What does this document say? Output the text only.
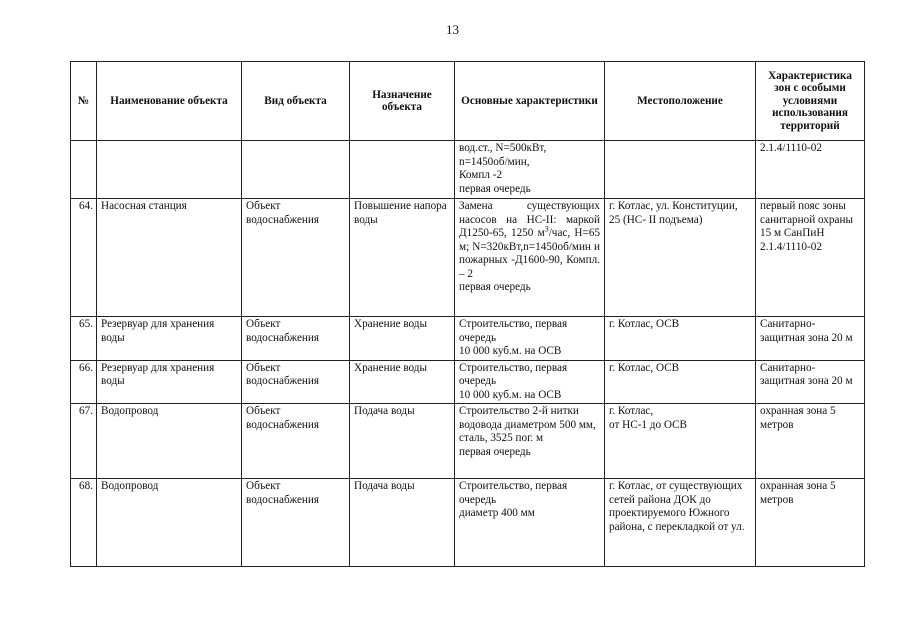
13
№	Наименование объекта	Вид объекта	Назначение объекта	Основные характеристики	Местоположение	Характеристика зон с особыми условиями использования территорий

				вод.ст., N=500кВт,
n=1450об/мин,
Компл -2
первая очередь		2.1.4/1110-02
64.	Насосная станция	Объект водоснабжения	Повышение напора воды	Замена существующих насосов на НС-II: маркой Д1250-65, 1250 $м^3$/час, H=65 м; N=320кВт,n=1450об/мин и пожарных -Д1600-90, Компл. – 2
первая очередь	г. Котлас, ул. Конституции, 25 (НС- II подъема)	первый пояс зоны санитарной охраны 15 м СанПиН 2.1.4/1110-02
65.	Резервуар для хранения воды	Объект водоснабжения	Хранение воды	Строительство, первая очередь
10 000 куб.м. на ОСВ	г. Котлас, ОСВ	Санитарно-защитная зона 20 м
66.	Резервуар для хранения воды	Объект водоснабжения	Хранение воды	Строительство, первая очередь
10 000 куб.м. на ОСВ	г. Котлас, ОСВ	Санитарно-защитная зона 20 м
67.	Водопровод	Объект водоснабжения	Подача воды	Строительство 2-й нитки водовода диаметром 500 мм, сталь, 3525 пог. м
первая очередь	г. Котлас,
от НС-1 до ОСВ	охранная зона 5 метров
68.	Водопровод	Объект водоснабжения	Подача воды	Строительство, первая очередь
диаметр 400 мм	г. Котлас, от существующих сетей района ДОК до проектируемого Южного района, с перекладкой от ул.	охранная зона 5 метров
